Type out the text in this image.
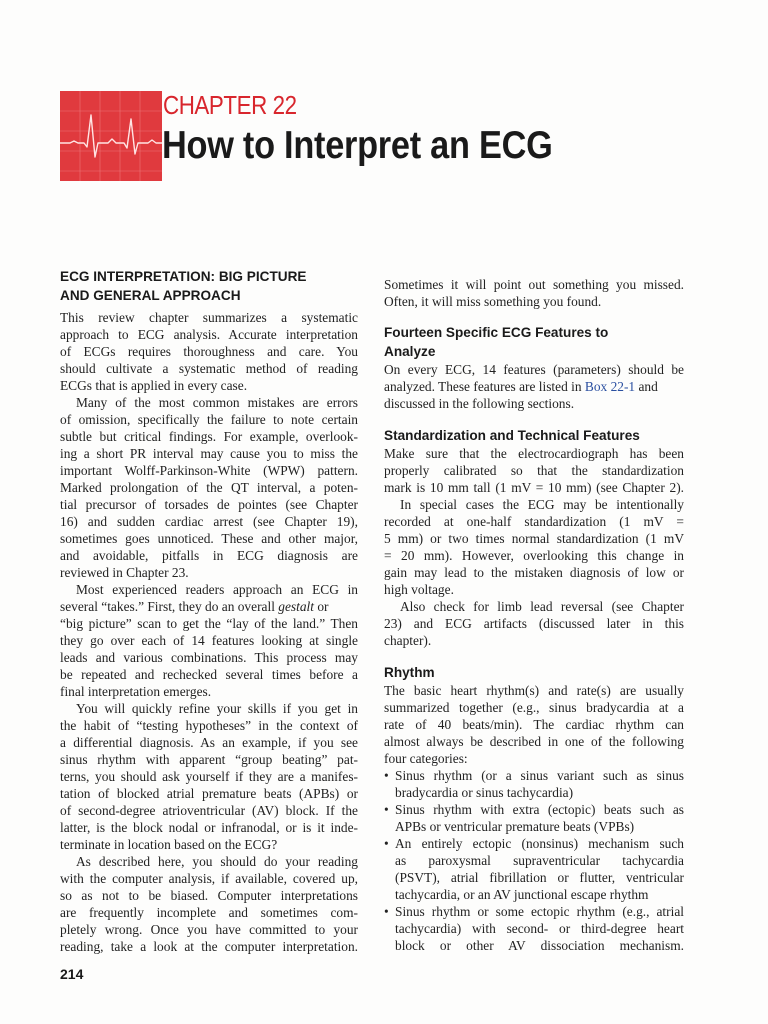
CHAPTER 22
How to Interpret an ECG
ECG INTERPRETATION: BIG PICTURE
AND GENERAL APPROACH
This review chapter summarizes a systematic
approach to ECG analysis. Accurate interpretation
of ECGs requires thoroughness and care. You
should cultivate a systematic method of reading
ECGs that is applied in every case.
Many of the most common mistakes are errors
of omission, specifically the failure to note certain
subtle but critical findings. For example, overlook-
ing a short PR interval may cause you to miss the
important Wolff-Parkinson-White (WPW) pattern.
Marked prolongation of the QT interval, a poten-
tial precursor of torsades de pointes (see Chapter
16) and sudden cardiac arrest (see Chapter 19),
sometimes goes unnoticed. These and other major,
and avoidable, pitfalls in ECG diagnosis are
reviewed in Chapter 23.
Most experienced readers approach an ECG in
several “takes.” First, they do an overall gestalt or
“big picture” scan to get the “lay of the land.” Then
they go over each of 14 features looking at single
leads and various combinations. This process may
be repeated and rechecked several times before a
final interpretation emerges.
You will quickly refine your skills if you get in
the habit of “testing hypotheses” in the context of
a differential diagnosis. As an example, if you see
sinus rhythm with apparent “group beating” pat-
terns, you should ask yourself if they are a manifes-
tation of blocked atrial premature beats (APBs) or
of second-degree atrioventricular (AV) block. If the
latter, is the block nodal or infranodal, or is it inde-
terminate in location based on the ECG?
As described here, you should do your reading
with the computer analysis, if available, covered up,
so as not to be biased. Computer interpretations
are frequently incomplete and sometimes com-
pletely wrong. Once you have committed to your
reading, take a look at the computer interpretation.
Sometimes it will point out something you missed.
Often, it will miss something you found.
Fourteen Specific ECG Features to
Analyze
On every ECG, 14 features (parameters) should be
analyzed. These features are listed in Box 22-1 and
discussed in the following sections.
Standardization and Technical Features
Make sure that the electrocardiograph has been
properly calibrated so that the standardization
mark is 10 mm tall (1 mV = 10 mm) (see Chapter 2).
In special cases the ECG may be intentionally
recorded at one-half standardization (1 mV =
5 mm) or two times normal standardization (1 mV
= 20 mm). However, overlooking this change in
gain may lead to the mistaken diagnosis of low or
high voltage.
Also check for limb lead reversal (see Chapter
23) and ECG artifacts (discussed later in this
chapter).
Rhythm
The basic heart rhythm(s) and rate(s) are usually
summarized together (e.g., sinus bradycardia at a
rate of 40 beats/min). The cardiac rhythm can
almost always be described in one of the following
four categories:
• Sinus rhythm (or a sinus variant such as sinus
bradycardia or sinus tachycardia)
• Sinus rhythm with extra (ectopic) beats such as
APBs or ventricular premature beats (VPBs)
• An entirely ectopic (nonsinus) mechanism such
as paroxysmal supraventricular tachycardia
(PSVT), atrial fibrillation or flutter, ventricular
tachycardia, or an AV junctional escape rhythm
• Sinus rhythm or some ectopic rhythm (e.g., atrial
tachycardia) with second- or third-degree heart
block or other AV dissociation mechanism.
214
